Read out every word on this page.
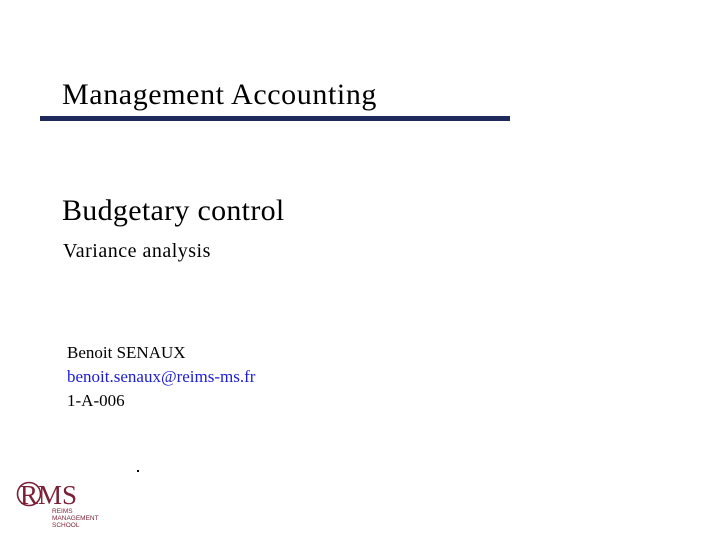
Management Accounting
Budgetary control
Variance analysis
Benoit SENAUX
benoit.senaux@reims-ms.fr
1-A-006
RMS
REIMS
MANAGEMENT
SCHOOL
